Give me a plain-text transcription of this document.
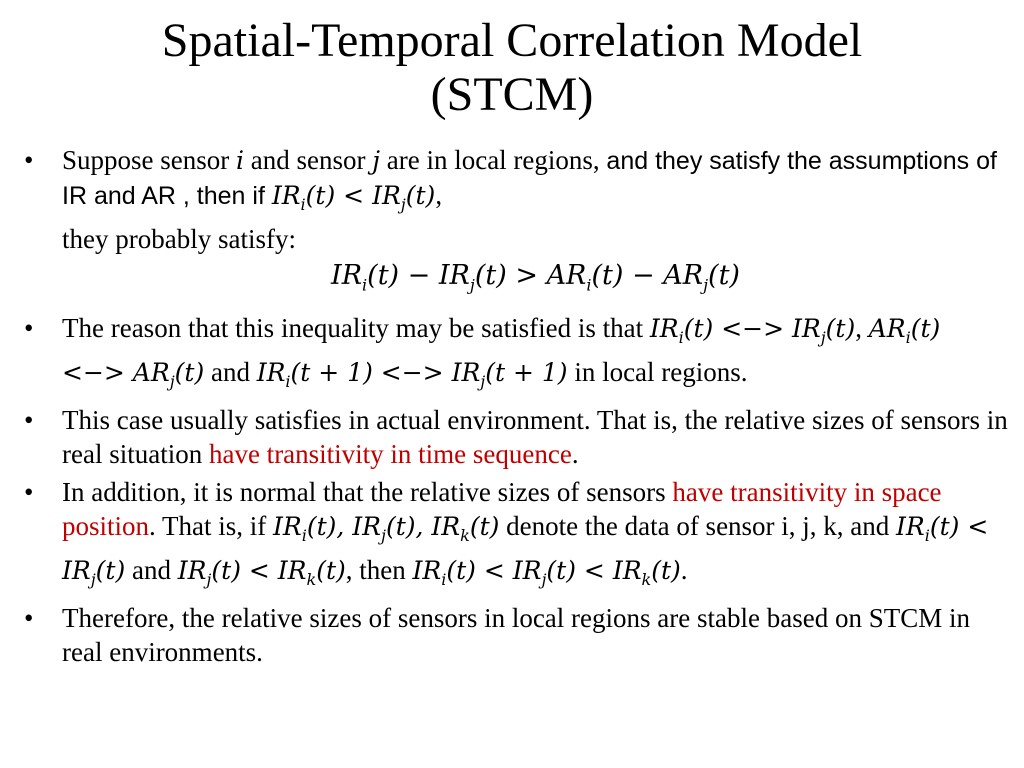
Spatial-Temporal Correlation Model
(STCM)
•	Suppose sensor i and sensor j are in local regions, and they satisfy the assumptions of IR and AR , then if $IR_i(t) < IR_j(t)$,
they probably satisfy:
$IR_i(t) - IR_j(t) > AR_i(t) - AR_j(t)$
•	The reason that this inequality may be satisfied is that $IR_i(t)$ <−> $IR_j(t)$, $AR_i(t)$ <−> $AR_j(t)$ and $IR_i(t + 1)$ <−> $IR_j(t + 1)$ in local regions.
•	This case usually satisfies in actual environment. That is, the relative sizes of sensors in real situation have transitivity in time sequence.
•	In addition, it is normal that the relative sizes of sensors have transitivity in space position. That is, if $IR_i(t)$, $IR_j(t)$, $IR_k(t)$ denote the data of sensor i, j, k, and $IR_i(t) < IR_j(t)$ and $IR_j(t) < IR_k(t)$, then $IR_i(t) < IR_j(t) < IR_k(t)$.
•	Therefore, the relative sizes of sensors in local regions are stable based on STCM in real environments.
